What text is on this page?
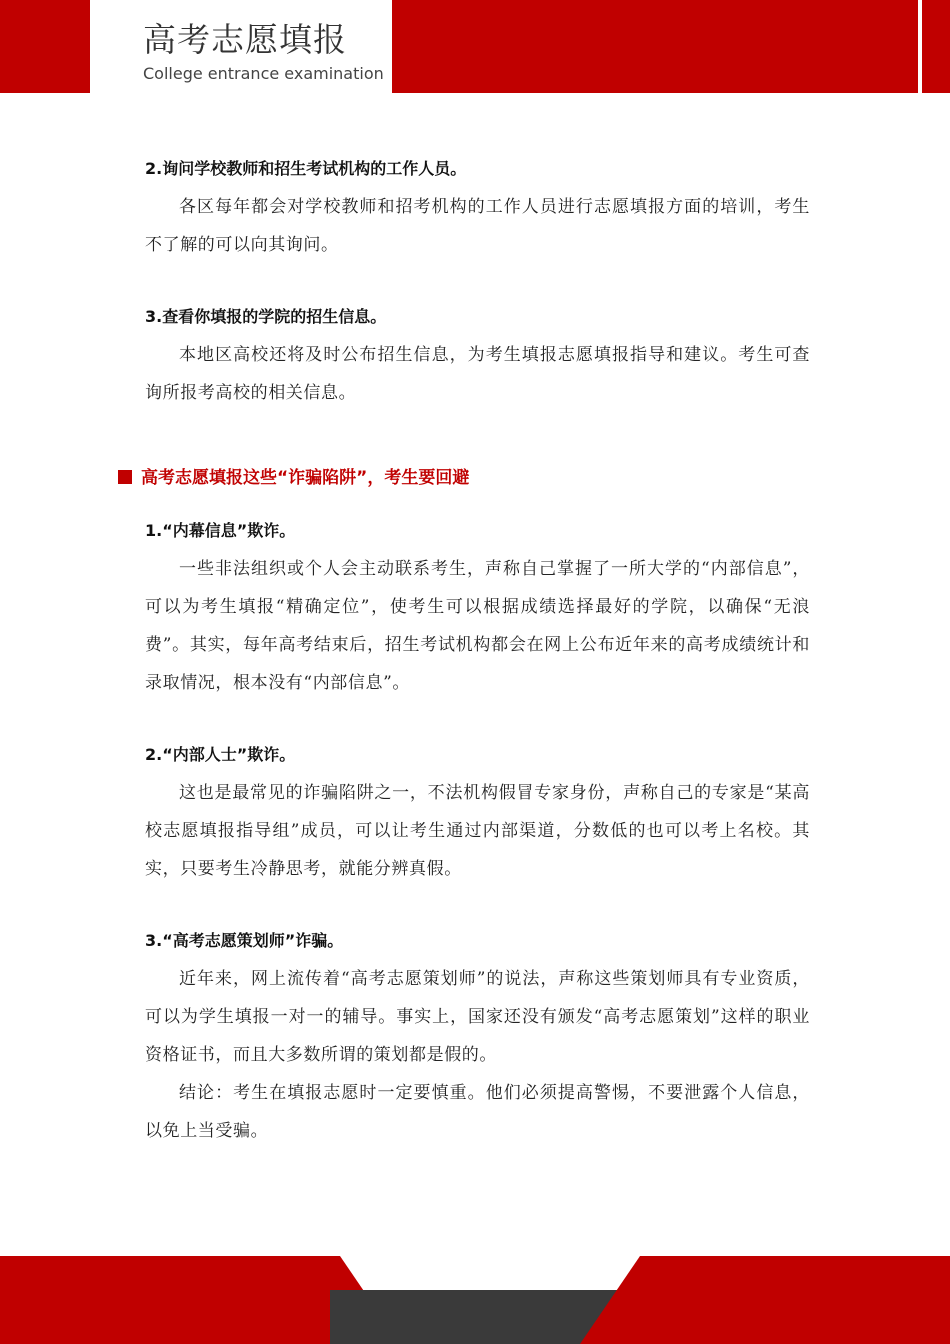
高考志愿填报
College entrance examination
2.询问学校教师和招生考试机构的工作人员。

各区每年都会对学校教师和招考机构的工作人员进行志愿填报方面的培训，考生不了解的可以向其询问。

3.查看你填报的学院的招生信息。

本地区高校还将及时公布招生信息，为考生填报志愿填报指导和建议。考生可查询所报考高校的相关信息。

高考志愿填报这些“诈骗陷阱”，考生要回避
1.“内幕信息”欺诈。

一些非法组织或个人会主动联系考生，声称自己掌握了一所大学的“内部信息”，可以为考生填报“精确定位”，使考生可以根据成绩选择最好的学院，以确保“无浪费”。其实，每年高考结束后，招生考试机构都会在网上公布近年来的高考成绩统计和录取情况，根本没有“内部信息”。

2.“内部人士”欺诈。

这也是最常见的诈骗陷阱之一，不法机构假冒专家身份，声称自己的专家是“某高校志愿填报指导组”成员，可以让考生通过内部渠道，分数低的也可以考上名校。其实，只要考生冷静思考，就能分辨真假。

3.“高考志愿策划师”诈骗。

近年来，网上流传着“高考志愿策划师”的说法，声称这些策划师具有专业资质，可以为学生填报一对一的辅导。事实上，国家还没有颁发“高考志愿策划”这样的职业资格证书，而且大多数所谓的策划都是假的。

结论：考生在填报志愿时一定要慎重。他们必须提高警惕，不要泄露个人信息，以免上当受骗。
